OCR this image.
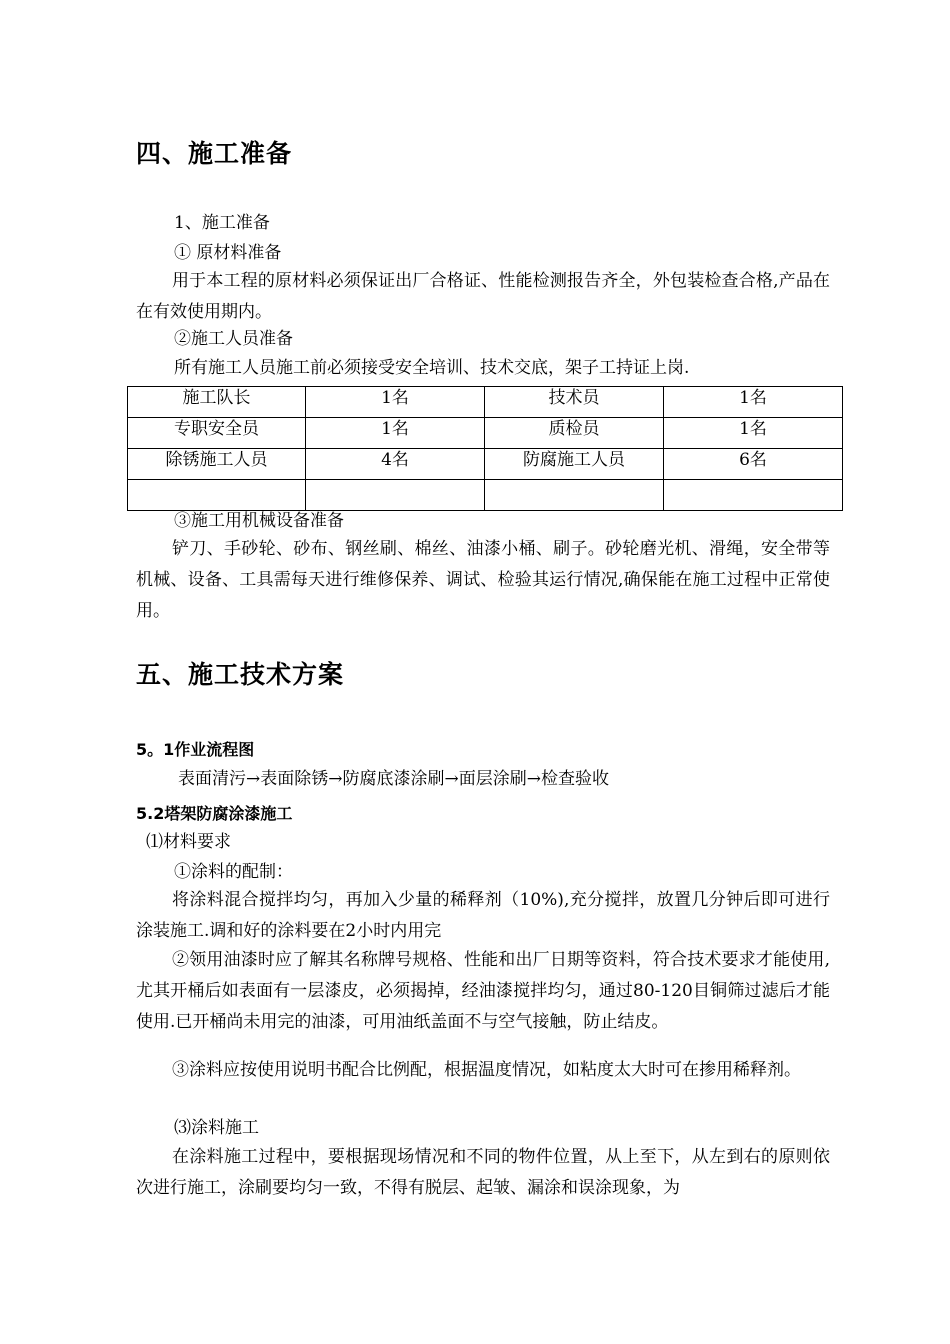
四、施工准备
1、施工准备
① 原材料准备
用于本工程的原材料必须保证出厂合格证、性能检测报告齐全，外包装检查合格,产品在在有效使用期内。
②施工人员准备
所有施工人员施工前必须接受安全培训、技术交底，架子工持证上岗.
施工队长	1名	技术员	1名
专职安全员	1名	质检员	1名
除锈施工人员	4名	防腐施工人员	6名

③施工用机械设备准备
铲刀、手砂轮、砂布、钢丝刷、棉丝、油漆小桶、刷子。砂轮磨光机、滑绳，安全带等机械、设备、工具需每天进行维修保养、调试、检验其运行情况,确保能在施工过程中正常使用。
五、施工技术方案
5。1作业流程图
表面清污→表面除锈→防腐底漆涂刷→面层涂刷→检查验收
5.2塔架防腐涂漆施工
⑴材料要求
①涂料的配制：
将涂料混合搅拌均匀，再加入少量的稀释剂（10%),充分搅拌，放置几分钟后即可进行涂装施工.调和好的涂料要在2小时内用完
②领用油漆时应了解其名称牌号规格、性能和出厂日期等资料，符合技术要求才能使用,尤其开桶后如表面有一层漆皮，必须揭掉，经油漆搅拌均匀，通过80-120目铜筛过滤后才能使用.已开桶尚未用完的油漆，可用油纸盖面不与空气接触，防止结皮。
③涂料应按使用说明书配合比例配，根据温度情况，如粘度太大时可在掺用稀释剂。
⑶涂料施工
在涂料施工过程中，要根据现场情况和不同的物件位置，从上至下，从左到右的原则依次进行施工，涂刷要均匀一致，不得有脱层、起皱、漏涂和误涂现象，为
